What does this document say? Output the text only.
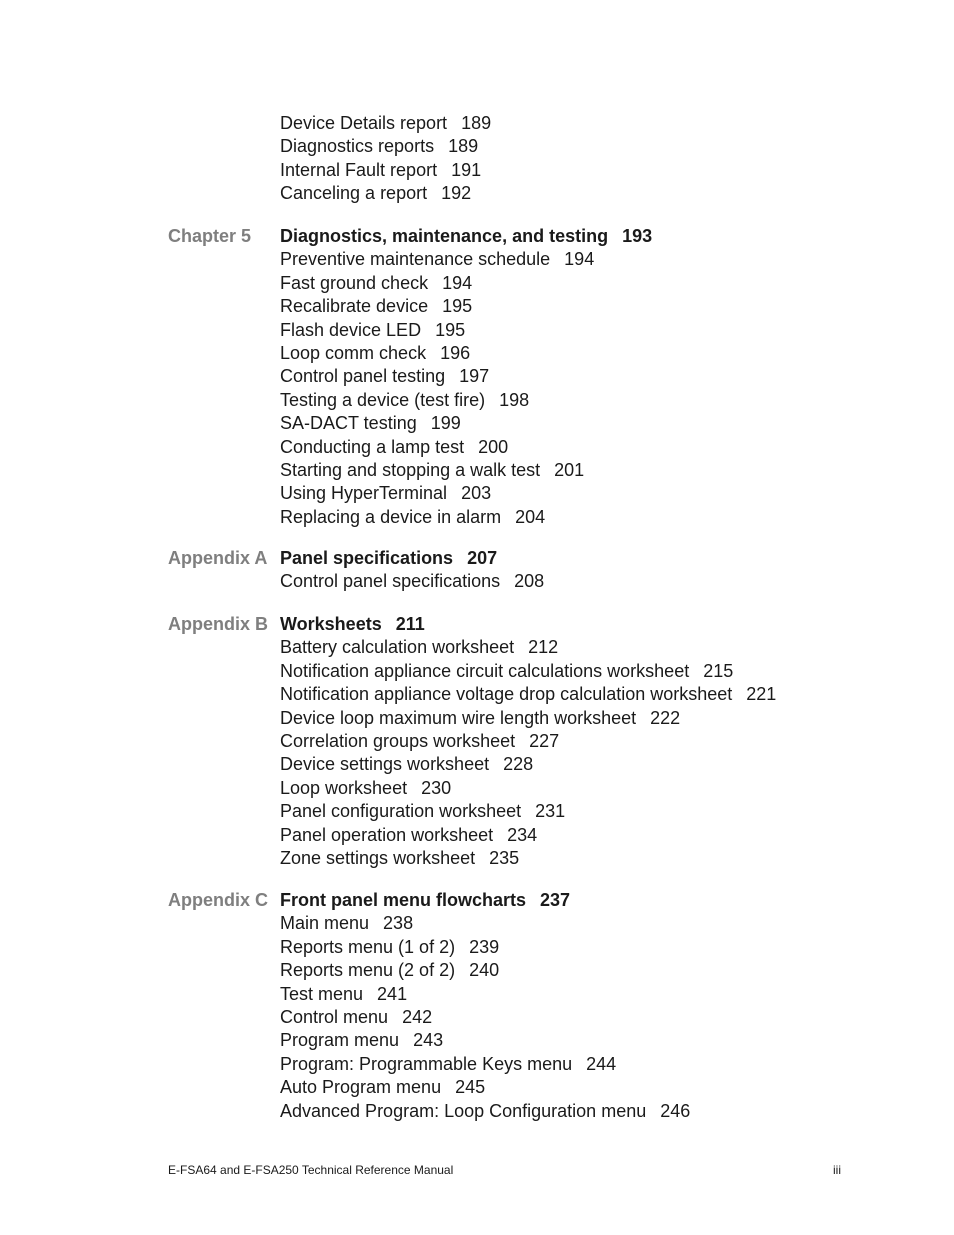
Device Details report 189
Diagnostics reports 189
Internal Fault report 191
Canceling a report 192
Chapter 5 Diagnostics, maintenance, and testing 193
Preventive maintenance schedule 194
Fast ground check 194
Recalibrate device 195
Flash device LED 195
Loop comm check 196
Control panel testing 197
Testing a device (test fire) 198
SA-DACT testing 199
Conducting a lamp test 200
Starting and stopping a walk test 201
Using HyperTerminal 203
Replacing a device in alarm 204
Appendix A Panel specifications 207
Control panel specifications 208
Appendix B Worksheets 211
Battery calculation worksheet 212
Notification appliance circuit calculations worksheet 215
Notification appliance voltage drop calculation worksheet 221
Device loop maximum wire length worksheet 222
Correlation groups worksheet 227
Device settings worksheet 228
Loop worksheet 230
Panel configuration worksheet 231
Panel operation worksheet 234
Zone settings worksheet 235
Appendix C Front panel menu flowcharts 237
Main menu 238
Reports menu (1 of 2) 239
Reports menu (2 of 2) 240
Test menu 241
Control menu 242
Program menu 243
Program: Programmable Keys menu 244
Auto Program menu 245
Advanced Program: Loop Configuration menu 246
E-FSA64 and E-FSA250 Technical Reference Manual	iii
